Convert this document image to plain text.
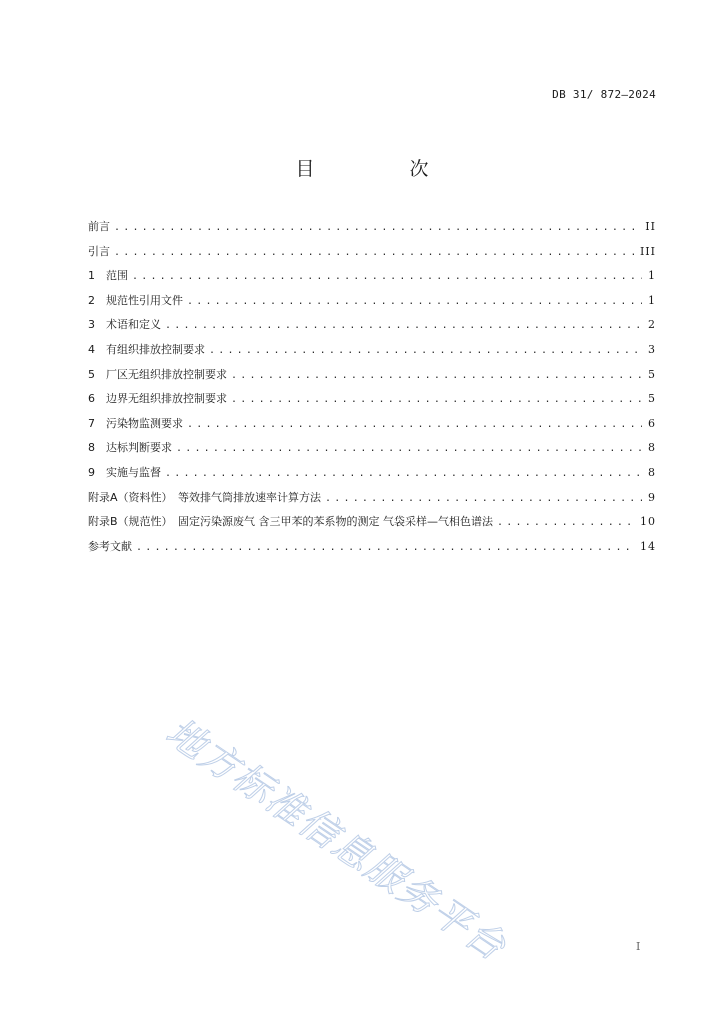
DB 31/ 872—2024
目　次
前言 .....	II
引言 .....	III
1	范围 .....	1
2	规范性引用文件 .....	1
3	术语和定义 .....	2
4	有组织排放控制要求 .....	3
5	厂区无组织排放控制要求 .....	5
6	边界无组织排放控制要求 .....	5
7	污染物监测要求 .....	6
8	达标判断要求 .....	8
9	实施与监督 .....	8
附录A（资料性）　等效排气筒排放速率计算方法 .....	9
附录B（规范性）　固定污染源废气 含三甲苯的苯系物的测定 气袋采样—气相色谱法 .....	10
参考文献 .....	14
地方标准信息服务平台	I
